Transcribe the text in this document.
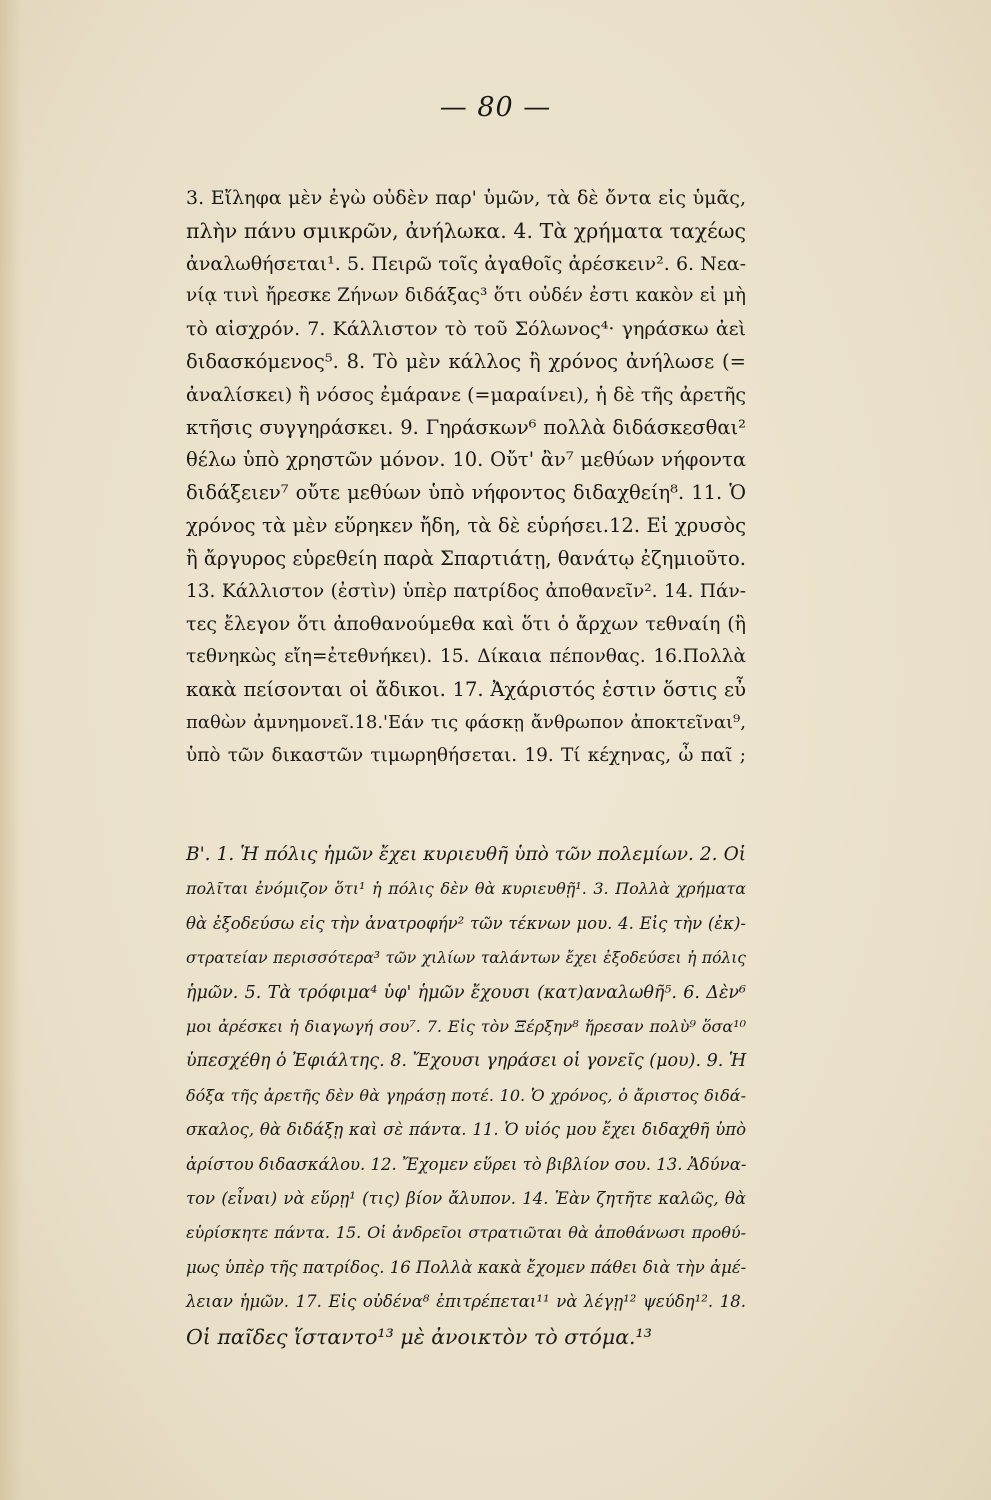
— 80 —
3. Εἴληφα μὲν ἐγὼ οὐδὲν παρ' ὑμῶν, τὰ δὲ ὄντα εἰς ὑμᾶς,
πλὴν πάνυ σμικρῶν, ἀνήλωκα. 4. Τὰ χρήματα ταχέως
ἀναλωθήσεται¹. 5. Πειρῶ τοῖς ἀγαθοῖς ἀρέσκειν². 6. Νεα-
νίᾳ τινὶ ἤρεσκε Ζήνων διδάξας³ ὅτι οὐδέν ἐστι κακὸν εἰ μὴ
τὸ αἰσχρόν. 7. Κάλλιστον τὸ τοῦ Σόλωνος⁴· γηράσκω ἀεὶ
διδασκόμενος⁵. 8. Τὸ μὲν κάλλος ἢ χρόνος ἀνήλωσε (=
ἀναλίσκει) ἢ νόσος ἐμάρανε (=μαραίνει), ἡ δὲ τῆς ἀρετῆς
κτῆσις συγγηράσκει. 9. Γηράσκων⁶ πολλὰ διδάσκεσθαι²
θέλω ὑπὸ χρηστῶν μόνον. 10. Οὔτ' ἂν⁷ μεθύων νήφοντα
διδάξειεν⁷ οὔτε μεθύων ὑπὸ νήφοντος διδαχθείη⁸. 11. Ὁ
χρόνος τὰ μὲν εὕρηκεν ἤδη, τὰ δὲ εὑρήσει.12. Εἰ χρυσὸς
ἢ ἄργυρος εὑρεθείη παρὰ Σπαρτιάτῃ, θανάτῳ ἐζημιοῦτο.
13. Κάλλιστον (ἐστὶν) ὑπὲρ πατρίδος ἀποθανεῖν². 14. Πάν-
τες ἔλεγον ὅτι ἀποθανούμεθα καὶ ὅτι ὁ ἄρχων τεθναίη (ἢ
τεθνηκὼς εἴη=ἐτεθνήκει). 15. Δίκαια πέπονθας. 16.Πολλὰ
κακὰ πείσονται οἱ ἄδικοι. 17. Ἀχάριστός ἐστιν ὅστις εὖ
παθὼν ἀμνημονεῖ.18.'Εάν τις φάσκῃ ἄνθρωπον ἀποκτεῖναι⁹,
ὑπὸ τῶν δικαστῶν τιμωρηθήσεται. 19. Τί κέχηνας, ὦ παῖ ;
Β'. 1. Ἡ πόλις ἡμῶν ἔχει κυριευθῆ ὑπὸ τῶν πολεμίων. 2. Οἱ
πολῖται ἐνόμιζον ὅτι¹ ἡ πόλις δὲν θὰ κυριευθῇ¹. 3. Πολλὰ χρήματα
θὰ ἐξοδεύσω εἰς τὴν ἀνατροφήν² τῶν τέκνων μου. 4. Εἰς τὴν (ἐκ)-
στρατείαν περισσότερα³ τῶν χιλίων ταλάντων ἔχει ἐξοδεύσει ἡ πόλις
ἡμῶν. 5. Τὰ τρόφιμα⁴ ὑφ' ἡμῶν ἔχουσι (κατ)αναλωθῆ⁵. 6. Δὲν⁶
μοι ἀρέσκει ἡ διαγωγή σου⁷. 7. Εἰς τὸν Ξέρξην⁸ ἤρεσαν πολὺ⁹ ὅσα¹⁰
ὑπεσχέθη ὁ Ἐφιάλτης. 8. Ἔχουσι γηράσει οἱ γονεῖς (μου). 9. Ἡ
δόξα τῆς ἀρετῆς δὲν θὰ γηράσῃ ποτέ. 10. Ὁ χρόνος, ὁ ἄριστος διδά-
σκαλος, θὰ διδάξῃ καὶ σὲ πάντα. 11. Ὁ υἱός μου ἔχει διδαχθῆ ὑπὸ
ἀρίστου διδασκάλου. 12. Ἔχομεν εὕρει τὸ βιβλίον σου. 13. Ἀδύνα-
τον (εἶναι) νὰ εὕρῃ¹ (τις) βίον ἄλυπον. 14. Ἐὰν ζητῆτε καλῶς, θὰ
εὑρίσκητε πάντα. 15. Οἱ ἀνδρεῖοι στρατιῶται θὰ ἀποθάνωσι προθύ-
μως ὑπὲρ τῆς πατρίδος. 16 Πολλὰ κακὰ ἔχομεν πάθει διὰ τὴν ἀμέ-
λειαν ἡμῶν. 17. Εἰς οὐδένα⁸ ἐπιτρέπεται¹¹ νὰ λέγῃ¹² ψεύδη¹². 18.
Οἱ παῖδες ἵσταντο¹³ μὲ ἀνοικτὸν τὸ στόμα.¹³
